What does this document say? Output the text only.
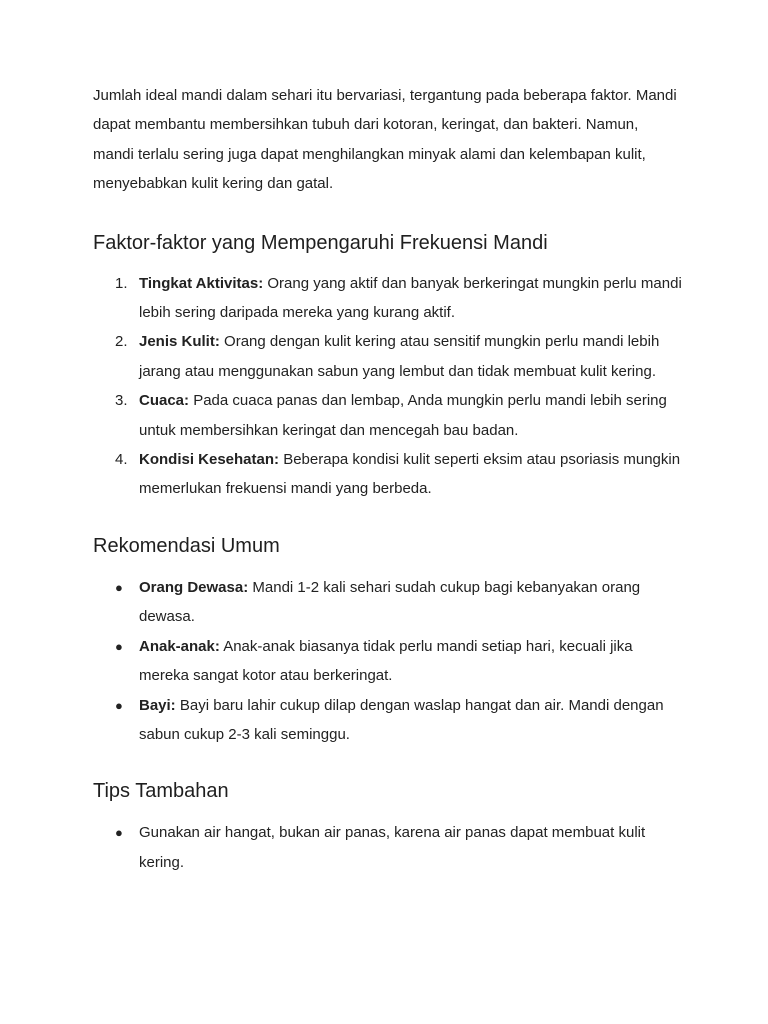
Jumlah ideal mandi dalam sehari itu bervariasi, tergantung pada beberapa faktor. Mandi dapat membantu membersihkan tubuh dari kotoran, keringat, dan bakteri. Namun, mandi terlalu sering juga dapat menghilangkan minyak alami dan kelembapan kulit, menyebabkan kulit kering dan gatal.

Faktor-faktor yang Mempengaruhi Frekuensi Mandi
1. Tingkat Aktivitas: Orang yang aktif dan banyak berkeringat mungkin perlu mandi lebih sering daripada mereka yang kurang aktif.
2. Jenis Kulit: Orang dengan kulit kering atau sensitif mungkin perlu mandi lebih jarang atau menggunakan sabun yang lembut dan tidak membuat kulit kering.
3. Cuaca: Pada cuaca panas dan lembap, Anda mungkin perlu mandi lebih sering untuk membersihkan keringat dan mencegah bau badan.
4. Kondisi Kesehatan: Beberapa kondisi kulit seperti eksim atau psoriasis mungkin memerlukan frekuensi mandi yang berbeda.
Rekomendasi Umum
● Orang Dewasa: Mandi 1-2 kali sehari sudah cukup bagi kebanyakan orang dewasa.
● Anak-anak: Anak-anak biasanya tidak perlu mandi setiap hari, kecuali jika mereka sangat kotor atau berkeringat.
● Bayi: Bayi baru lahir cukup dilap dengan waslap hangat dan air. Mandi dengan sabun cukup 2-3 kali seminggu.
Tips Tambahan
● Gunakan air hangat, bukan air panas, karena air panas dapat membuat kulit kering.
